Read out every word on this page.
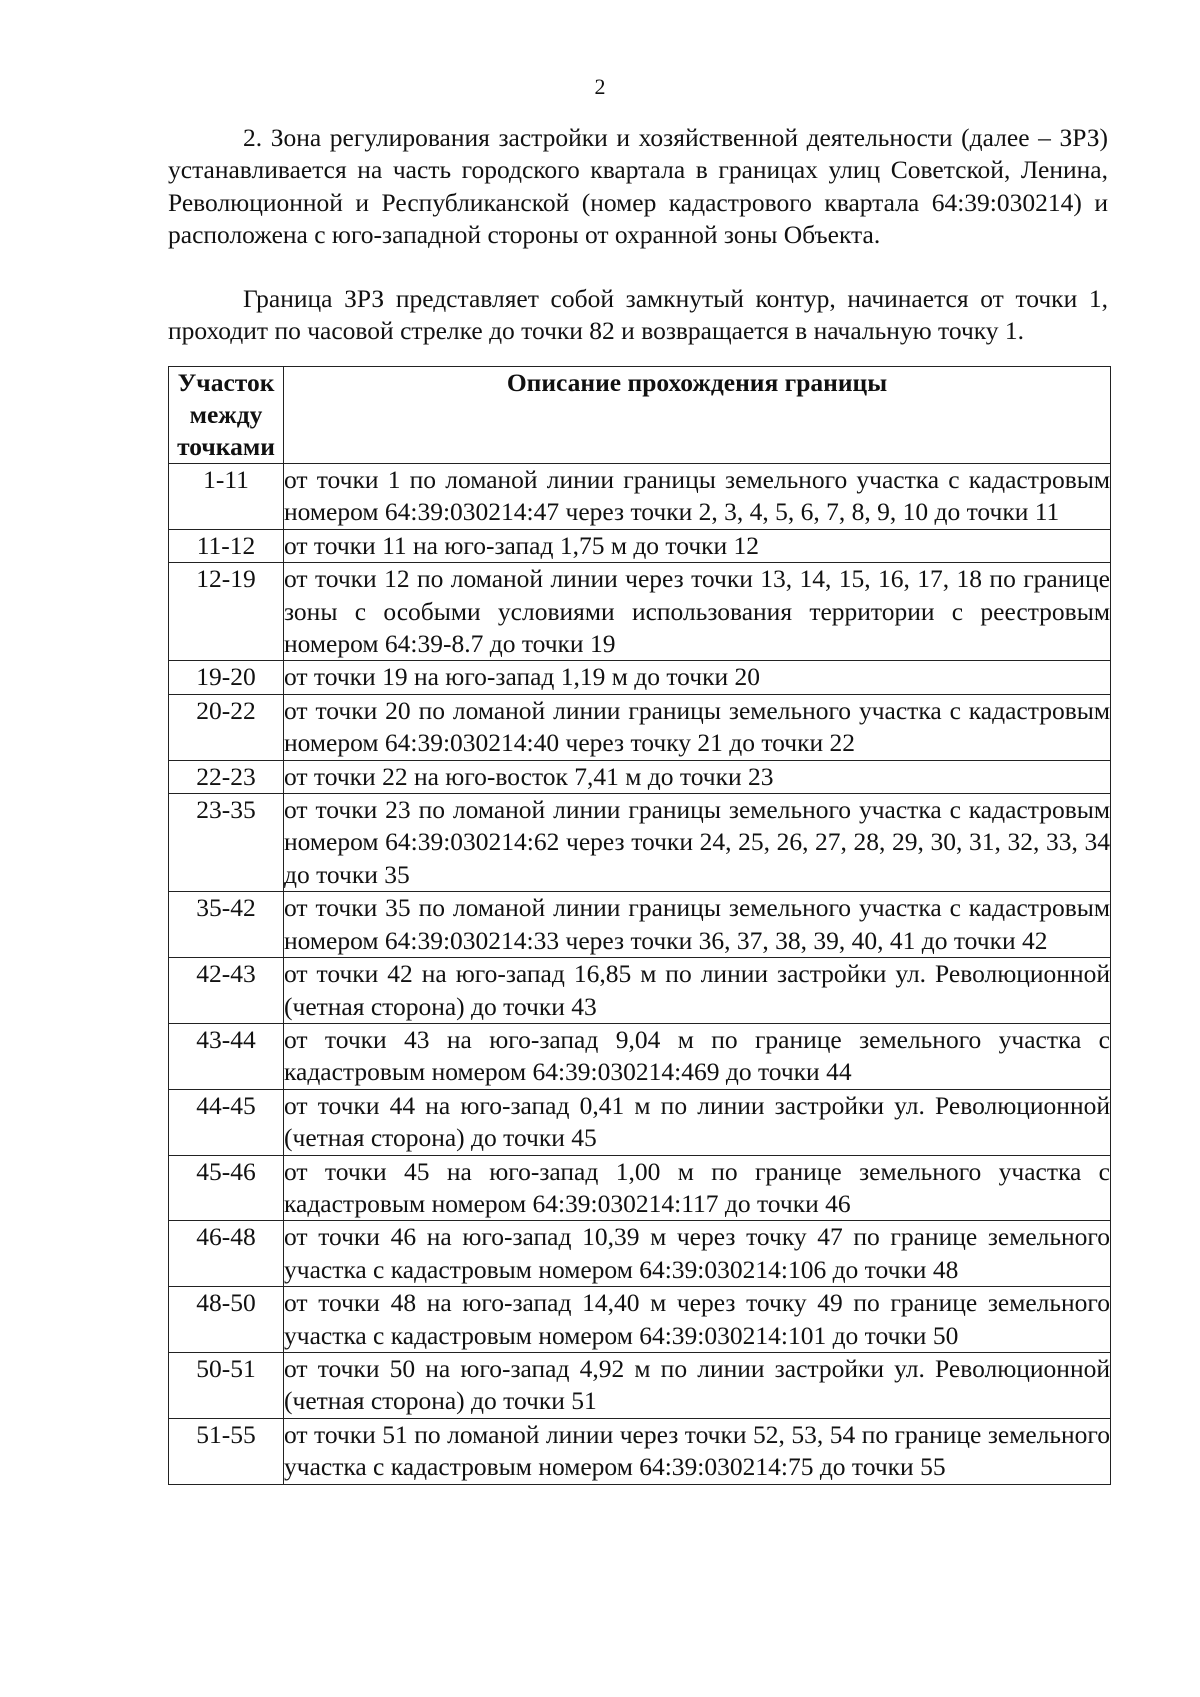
2

2. Зона регулирования застройки и хозяйственной деятельности (далее – ЗРЗ) устанавливается на часть городского квартала в границах улиц Советской, Ленина, Революционной и Республиканской (номер кадастрового квартала 64:39:030214) и расположена с юго-западной стороны от охранной зоны Объекта.

Граница ЗРЗ представляет собой замкнутый контур, начинается от точки 1, проходит по часовой стрелке до точки 82 и возвращается в начальную точку 1.

Участок между точками	Описание прохождения границы
1-11	от точки 1 по ломаной линии границы земельного участка с кадастровым номером 64:39:030214:47 через точки 2, 3, 4, 5, 6, 7, 8, 9, 10 до точки 11
11-12	от точки 11 на юго-запад 1,75 м до точки 12
12-19	от точки 12 по ломаной линии через точки 13, 14, 15, 16, 17, 18 по границе зоны с особыми условиями использования территории с реестровым номером 64:39-8.7 до точки 19
19-20	от точки 19 на юго-запад 1,19 м до точки 20
20-22	от точки 20 по ломаной линии границы земельного участка с кадастровым номером 64:39:030214:40 через точку 21 до точки 22
22-23	от точки 22 на юго-восток 7,41 м до точки 23
23-35	от точки 23 по ломаной линии границы земельного участка с кадастровым номером 64:39:030214:62 через точки 24, 25, 26, 27, 28, 29, 30, 31, 32, 33, 34 до точки 35
35-42	от точки 35 по ломаной линии границы земельного участка с кадастровым номером 64:39:030214:33 через точки 36, 37, 38, 39, 40, 41 до точки 42
42-43	от точки 42 на юго-запад 16,85 м по линии застройки ул. Революционной (четная сторона) до точки 43
43-44	от точки 43 на юго-запад 9,04 м по границе земельного участка с кадастровым номером 64:39:030214:469 до точки 44
44-45	от точки 44 на юго-запад 0,41 м по линии застройки ул. Революционной (четная сторона) до точки 45
45-46	от точки 45 на юго-запад 1,00 м по границе земельного участка с кадастровым номером 64:39:030214:117 до точки 46
46-48	от точки 46 на юго-запад 10,39 м через точку 47 по границе земельного участка с кадастровым номером 64:39:030214:106 до точки 48
48-50	от точки 48 на юго-запад 14,40 м через точку 49 по границе земельного участка с кадастровым номером 64:39:030214:101 до точки 50
50-51	от точки 50 на юго-запад 4,92 м по линии застройки ул. Революционной (четная сторона) до точки 51
51-55	от точки 51 по ломаной линии через точки 52, 53, 54 по границе земельного участка с кадастровым номером 64:39:030214:75 до точки 55
